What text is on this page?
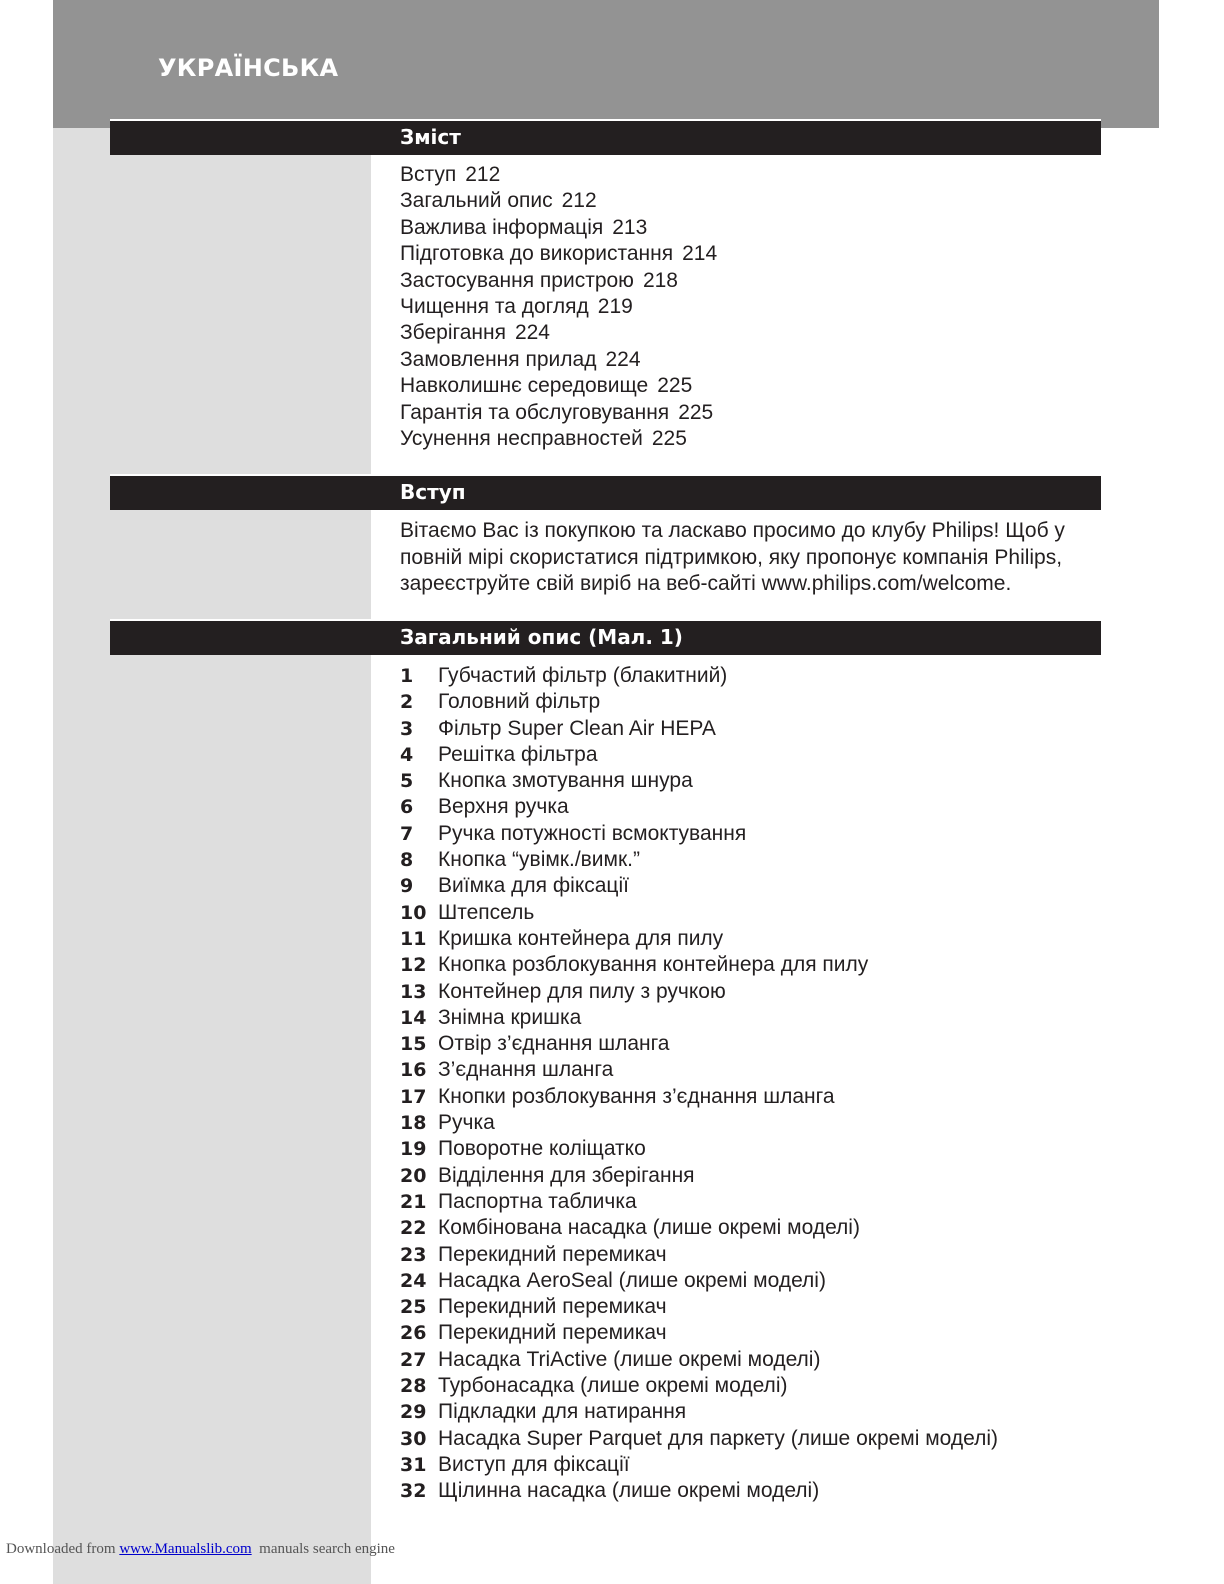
УКРАЇНСЬКА
Зміст
Вступ 212
Загальний опис 212
Важлива інформація 213
Підготовка до використання 214
Застосування пристрою 218
Чищення та догляд 219
Зберігання 224
Замовлення прилад 224
Навколишнє середовище 225
Гарантія та обслуговування 225
Усунення несправностей 225
Вступ
Вітаємо Вас із покупкою та ласкаво просимо до клубу Philips! Щоб у повній мірі скористатися підтримкою, яку пропонує компанія Philips, зареєструйте свій виріб на веб-сайті www.philips.com/welcome.
Загальний опис (Мал. 1)
1 Губчастий фільтр (блакитний)
2 Головний фільтр
3 Фільтр Super Clean Air HEPA
4 Решітка фільтра
5 Кнопка змотування шнура
6 Верхня ручка
7 Ручка потужності всмоктування
8 Кнопка “увімк./вимк.”
9 Виїмка для фіксації
10 Штепсель
11 Кришка контейнера для пилу
12 Кнопка розблокування контейнера для пилу
13 Контейнер для пилу з ручкою
14 Знімна кришка
15 Отвір з’єднання шланга
16 З’єднання шланга
17 Кнопки розблокування з’єднання шланга
18 Ручка
19 Поворотне коліщатко
20 Відділення для зберігання
21 Паспортна табличка
22 Комбінована насадка (лише окремі моделі)
23 Перекидний перемикач
24 Насадка AeroSeal (лише окремі моделі)
25 Перекидний перемикач
26 Перекидний перемикач
27 Насадка TriActive (лише окремі моделі)
28 Турбонасадка (лише окремі моделі)
29 Підкладки для натирання
30 Насадка Super Parquet для паркету (лише окремі моделі)
31 Виступ для фіксації
32 Щілинна насадка (лише окремі моделі)
Downloaded from www.Manualslib.com  manuals search engine
